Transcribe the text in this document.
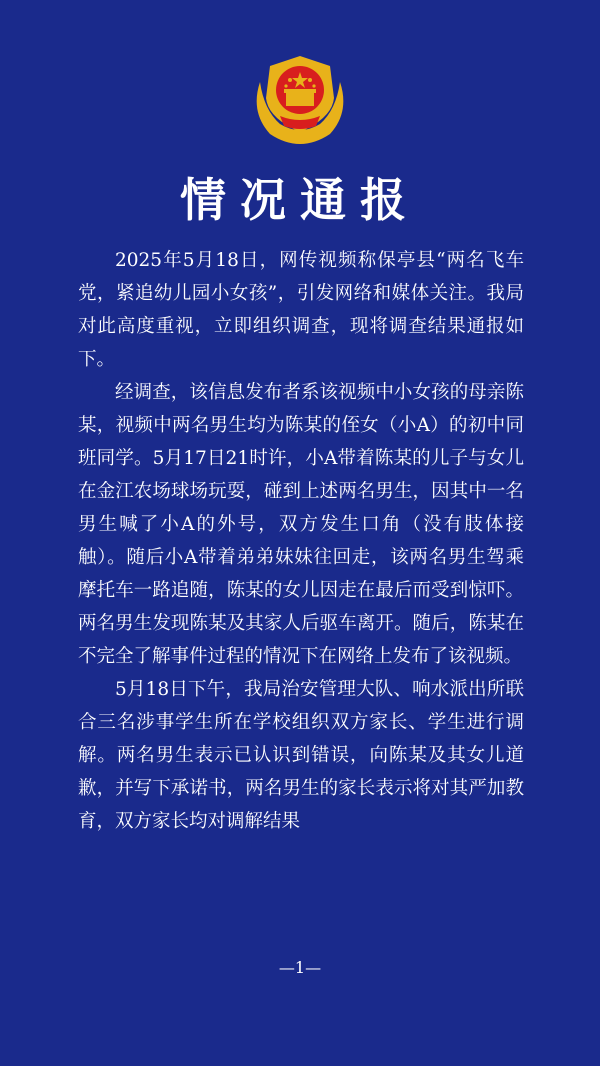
情况通报

2025年5月18日，网传视频称保亭县“两名飞车党，紧追幼儿园小女孩”，引发网络和媒体关注。我局对此高度重视，立即组织调查，现将调查结果通报如下。

经调查，该信息发布者系该视频中小女孩的母亲陈某，视频中两名男生均为陈某的侄女（小A）的初中同班同学。5月17日21时许，小A带着陈某的儿子与女儿在金江农场球场玩耍，碰到上述两名男生，因其中一名男生喊了小A的外号，双方发生口角（没有肢体接触）。随后小A带着弟弟妹妹往回走，该两名男生驾乘摩托车一路追随，陈某的女儿因走在最后而受到惊吓。两名男生发现陈某及其家人后驱车离开。随后，陈某在不完全了解事件过程的情况下在网络上发布了该视频。

5月18日下午，我局治安管理大队、响水派出所联合三名涉事学生所在学校组织双方家长、学生进行调解。两名男生表示已认识到错误，向陈某及其女儿道歉，并写下承诺书，两名男生的家长表示将对其严加教育，双方家长均对调解结果

—1—
